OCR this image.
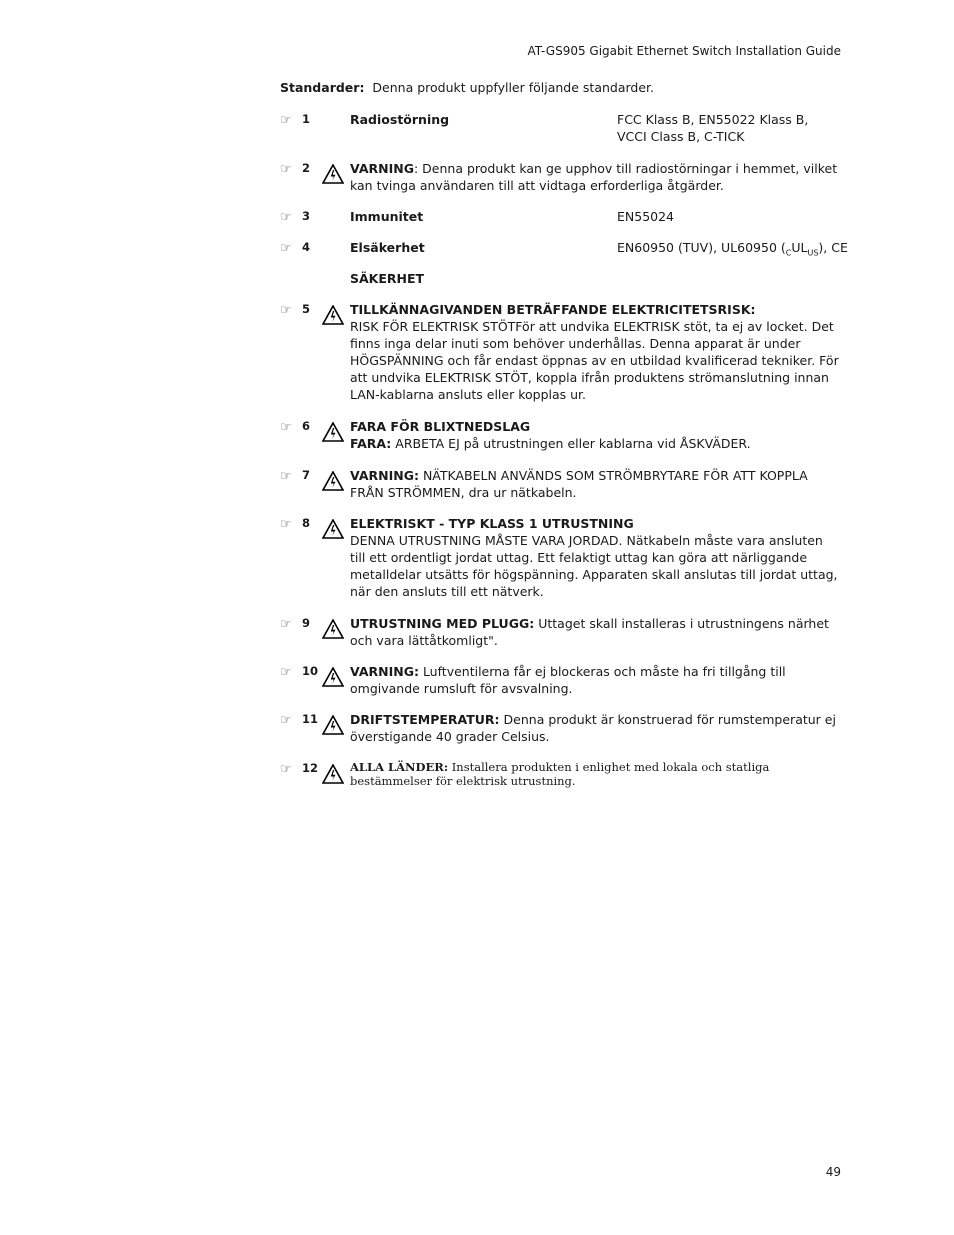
AT-GS905 Gigabit Ethernet Switch Installation Guide
Standarder: Denna produkt uppfyller följande standarder.
☞ 1	Radiostörning	FCC Klass B, EN55022 Klass B,
VCCI Class B, C-TICK
☞ 2	VARNING: Denna produkt kan ge upphov till radiostörningar i hemmet, vilket kan tvinga användaren till att vidtaga erforderliga åtgärder.
☞ 3	Immunitet	EN55024
☞ 4	Elsäkerhet	EN60950 (TUV), UL60950 $(_CUL_{US})$, CE
SÄKERHET
☞ 5	TILLKÄNNAGIVANDEN BETRÄFFANDE ELEKTRICITETSRISK:
RISK FÖR ELEKTRISK STÖTFör att undvika ELEKTRISK stöt, ta ej av locket. Det finns inga delar inuti som behöver underhållas. Denna apparat är under HÖGSPÄNNING och får endast öppnas av en utbildad kvalificerad tekniker. För att undvika ELEKTRISK STÖT, koppla ifrån produktens strömanslutning innan LAN-kablarna ansluts eller kopplas ur.
☞ 6	FARA FÖR BLIXTNEDSLAG
FARA: ARBETA EJ på utrustningen eller kablarna vid ÅSKVÄDER.
☞ 7	VARNING: NÄTKABELN ANVÄNDS SOM STRÖMBRYTARE FÖR ATT KOPPLA FRÅN STRÖMMEN, dra ur nätkabeln.
☞ 8	ELEKTRISKT - TYP KLASS 1 UTRUSTNING
DENNA UTRUSTNING MÅSTE VARA JORDAD. Nätkabeln måste vara ansluten till ett ordentligt jordat uttag. Ett felaktigt uttag kan göra att närliggande metalldelar utsätts för högspänning. Apparaten skall anslutas till jordat uttag, när den ansluts till ett nätverk.
☞ 9	UTRUSTNING MED PLUGG: Uttaget skall installeras i utrustningens närhet och vara lättåtkomligt".
☞ 10	VARNING: Luftventilerna får ej blockeras och måste ha fri tillgång till omgivande rumsluft för avsvalning.
☞ 11	DRIFTSTEMPERATUR: Denna produkt är konstruerad för rumstemperatur ej överstigande 40 grader Celsius.
☞ 12	ALLA LÄNDER: Installera produkten i enlighet med lokala och statliga bestämmelser för elektrisk utrustning.
49
